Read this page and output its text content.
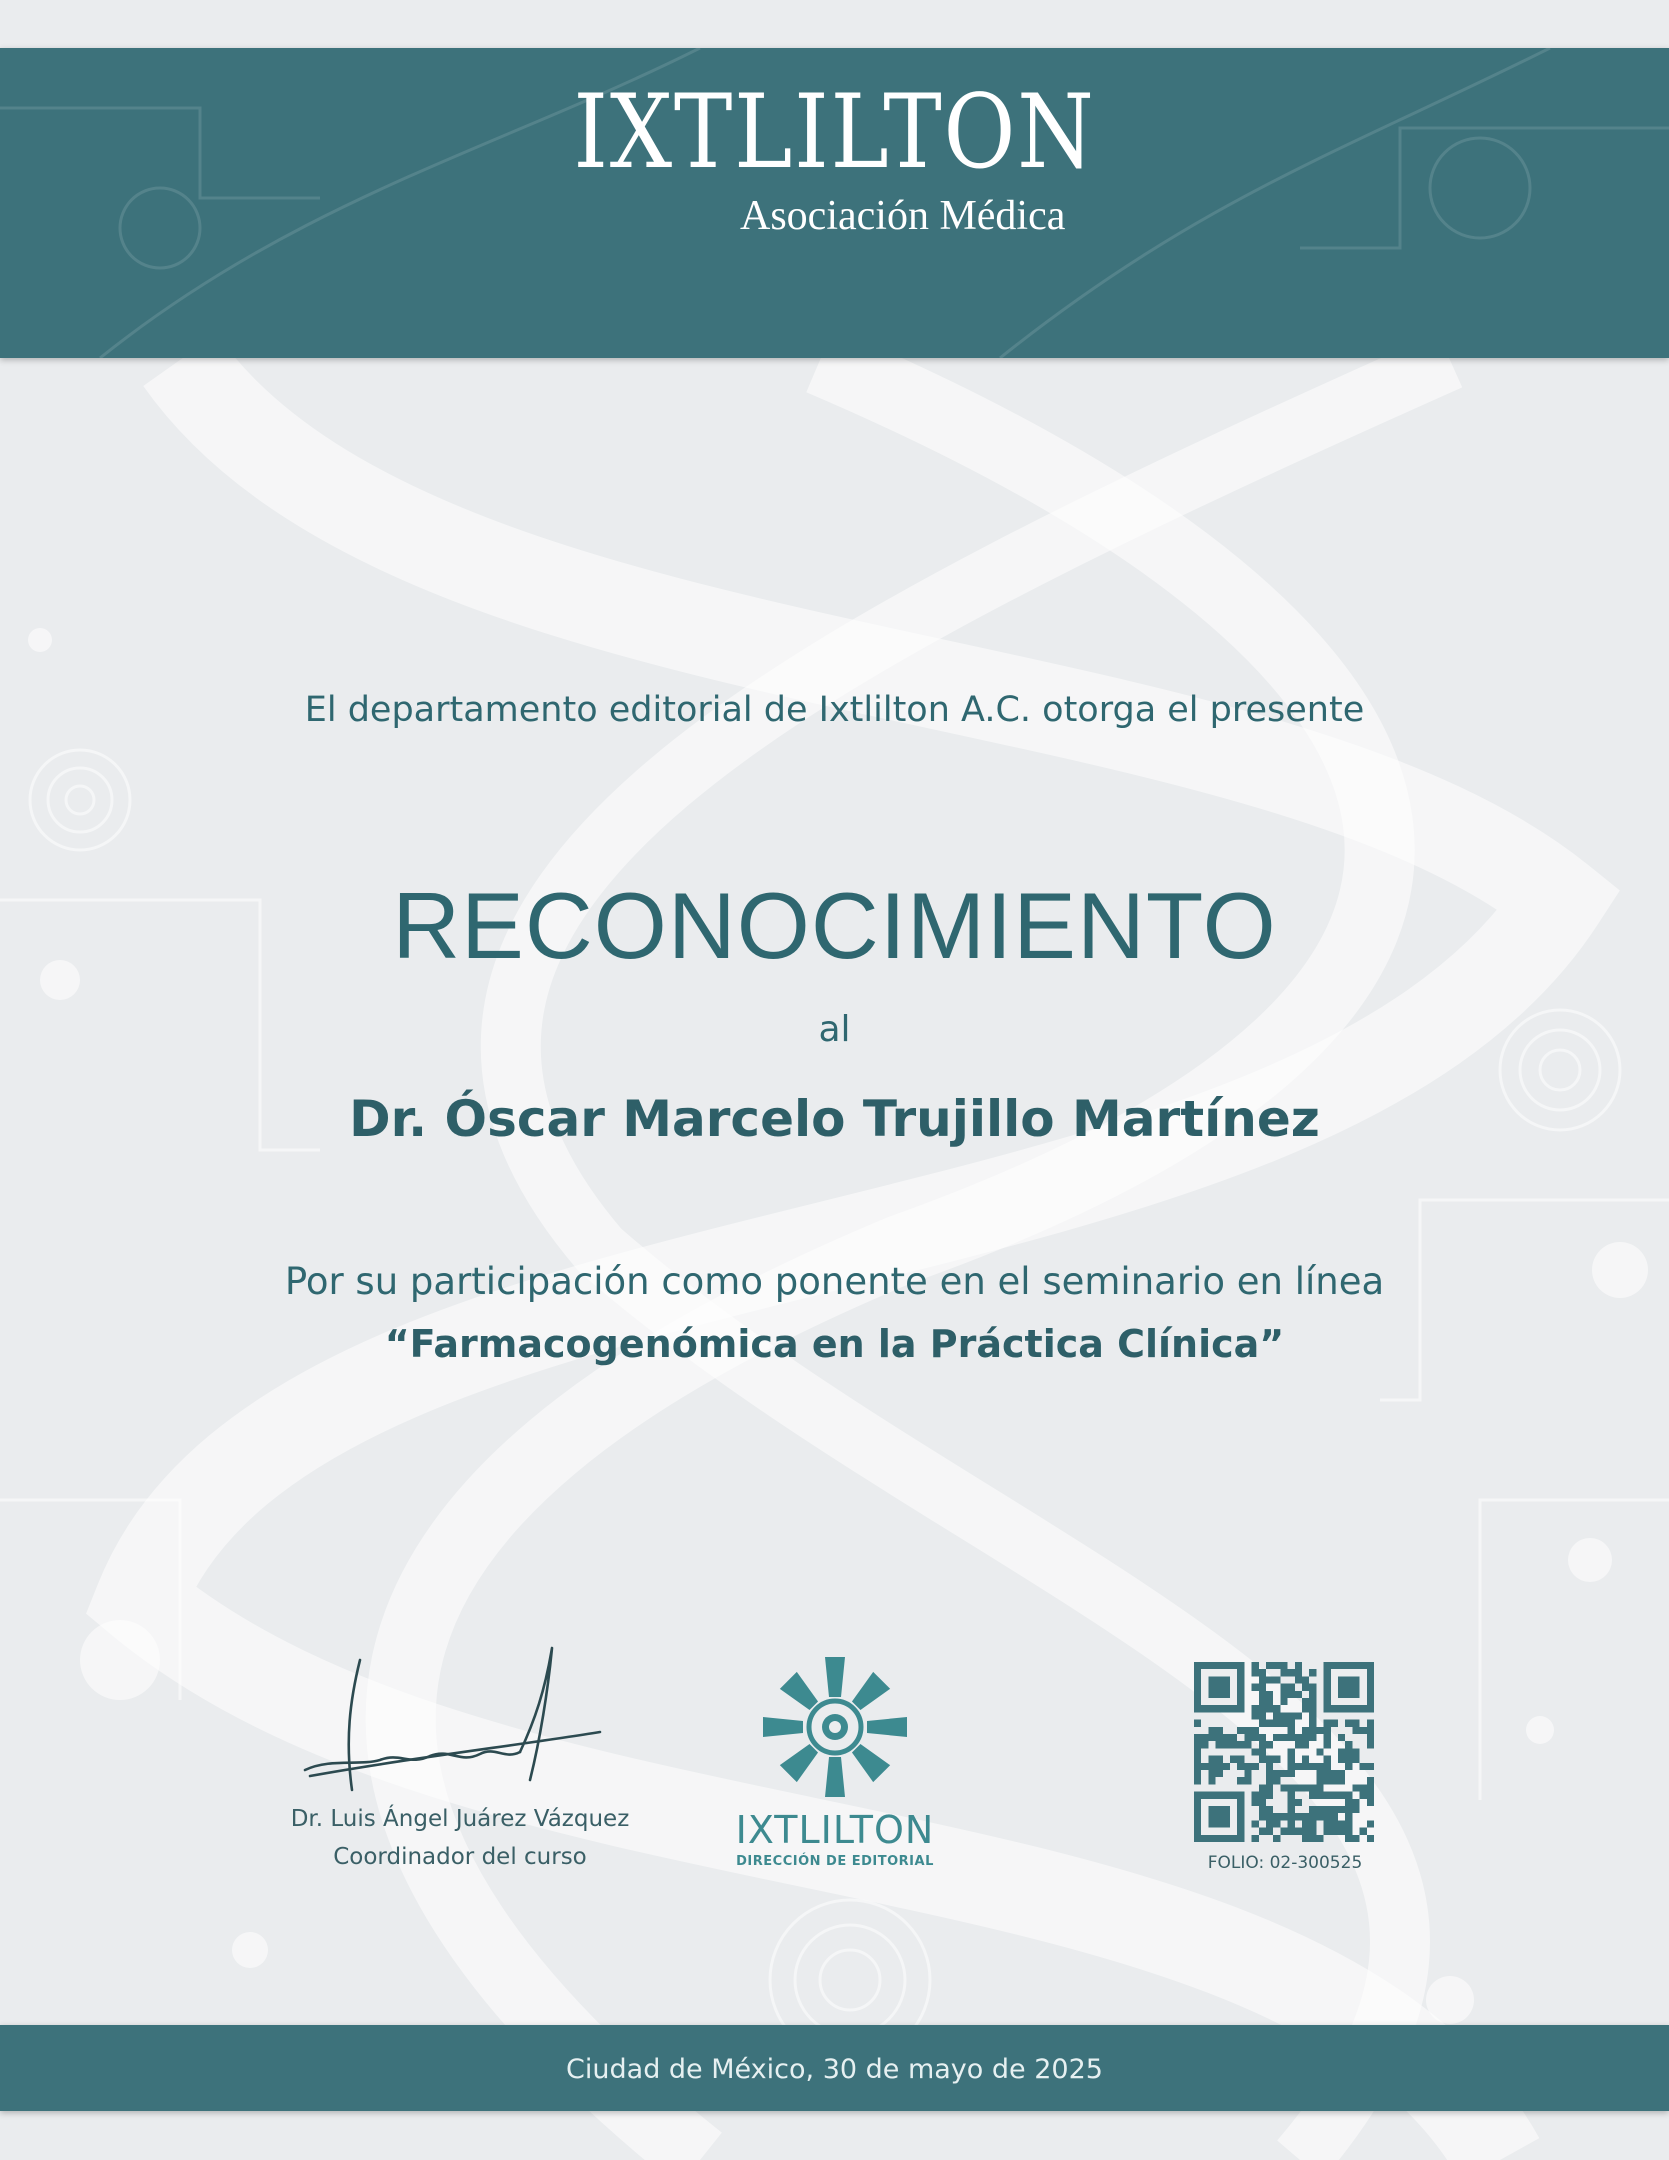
IXTLILTON
Asociación Médica
El departamento editorial de Ixtlilton A.C. otorga el presente
RECONOCIMIENTO
al
Dr. Óscar Marcelo Trujillo Martínez
Por su participación como ponente en el seminario en línea
“Farmacogenómica en la Práctica Clínica”
Dr. Luis Ángel Juárez Vázquez
Coordinador del curso
IXTLILTON
DIRECCIÓN DE EDITORIAL	FOLIO: 02-300525
Ciudad de México, 30 de mayo de 2025
